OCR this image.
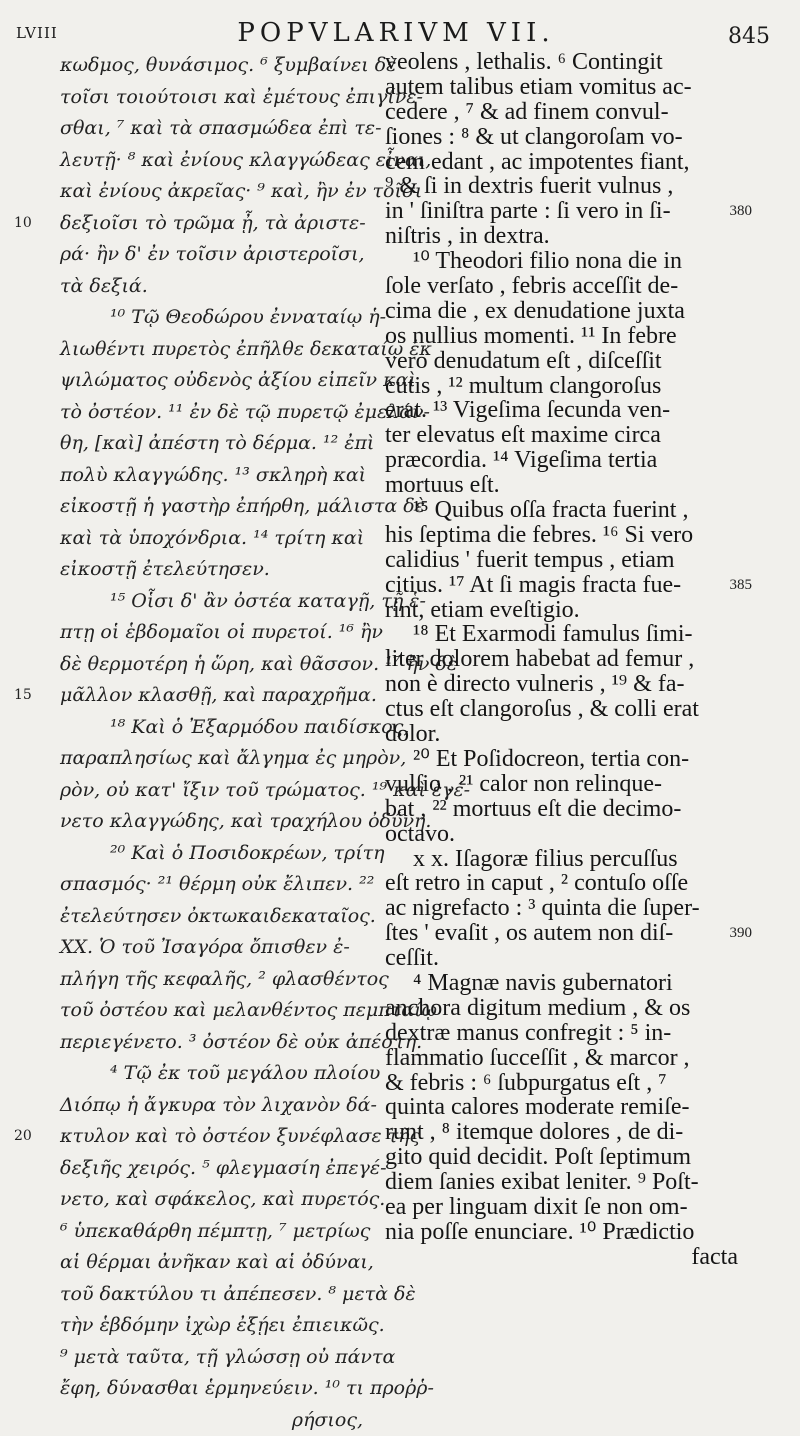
LVIII	POPVLARIVM VII.	845
κωδμος, θυνάσιμος. ⁶ ξυμβαίνει δὲ
τοῖσι τοιούτοισι καὶ ἐμέτους ἐπιγίνε-
σθαι, ⁷ καὶ τὰ σπασμώδεα ἐπὶ τε-
λευτῇ· ⁸ καὶ ἐνίους κλαγγώδεας εἶναι,
καὶ ἐνίους ἀκρεῖας· ⁹ καὶ, ἢν ἐν τοῖσι
10 δεξιοῖσι τὸ τρῶμα ᾖ, τὰ ἀριστε-
ρά· ἢν δ' ἐν τοῖσιν ἀριστεροῖσι,
τὰ δεξιά.
¹⁰ Τῷ Θεοδώρου ἐνναταίῳ ἡ-
λιωθέντι πυρετὸς ἐπῆλθε δεκαταίῳ ἐκ
ψιλώματος οὐδενὸς ἀξίου εἰπεῖν καὶ
τὸ ὀστέον. ¹¹ ἐν δὲ τῷ πυρετῷ ἐμελάν-
θη, [καὶ] ἀπέστη τὸ δέρμα. ¹² ἐπὶ
πολὺ κλαγγώδης. ¹³ σκληρὴ καὶ
εἰκοστῇ ἡ γαστὴρ ἐπήρθη, μάλιστα δὲ
καὶ τὰ ὑποχόνδρια. ¹⁴ τρίτη καὶ
εἰκοστῇ ἐτελεύτησεν.
¹⁵ Οἷσι δ' ἂν ὀστέα καταγῇ, τῇ ἑ-
πτῃ οἱ ἑβδομαῖοι οἱ πυρετοί. ¹⁶ ἢν
δὲ θερμοτέρη ἡ ὥρη, καὶ θᾶσσον. ¹⁷ ἢν δὲ
15 μᾶλλον κλασθῇ, καὶ παραχρῆμα.
¹⁸ Καὶ ὁ Ἐξαρμόδου παιδίσκος,
παραπλησίως καὶ ἄλγημα ἐς μηρὸν,
ρὸν, οὐ κατ' ἴξιν τοῦ τρώματος. ¹⁹ καὶ ἐγέ-
νετο κλαγγώδης, καὶ τραχήλου ὀδύνη.
²⁰ Καὶ ὁ Ποσιδοκρέων, τρίτη
σπασμός· ²¹ θέρμη οὐκ ἔλιπεν. ²²
ἐτελεύτησεν ὀκτωκαιδεκαταῖος.
XX. Ὁ τοῦ Ἰσαγόρα ὄπισθεν ἐ-
πλήγη τῆς κεφαλῆς, ² φλασθέντος
τοῦ ὀστέου καὶ μελανθέντος πεμπταίῳ
περιεγένετο. ³ ὀστέον δὲ οὐκ ἀπέστη.
⁴ Τῷ ἐκ τοῦ μεγάλου πλοίου
Διόπῳ ἡ ἄγκυρα τὸν λιχανὸν δά-
20 κτυλον καὶ τὸ ὀστέον ξυνέφλασε τῆς
δεξιῆς χειρός. ⁵ φλεγμασίη ἐπεγέ-
νετο, καὶ σφάκελος, καὶ πυρετός.
⁶ ὑπεκαθάρθη πέμπτῃ, ⁷ μετρίως
αἱ θέρμαι ἀνῆκαν καὶ αἱ ὀδύναι,
τοῦ δακτύλου τι ἀπέπεσεν. ⁸ μετὰ δὲ
τὴν ἑβδόμην ἰχὼρ ἐξῄει ἐπιεικῶς.
⁹ μετὰ ταῦτα, τῇ γλώσσῃ οὐ πάντα
ἔφη, δύνασθαι ἑρμηνεύειν. ¹⁰ τι προῤῥ-
ρήσιος,
veolens , lethalis. ⁶ Contingit
autem talibus etiam vomitus ac-
cedere , ⁷ & ad finem convul-
ſiones : ⁸ & ut clangoroſam vo-
cem edant , ac impotentes fiant,
⁹ & ſi in dextris fuerit vulnus ,
in ' ſiniſtra parte : ſi vero in ſi-	380
niſtris , in dextra.
¹⁰ Theodori filio nona die in
ſole verſato , febris acceſſit de-
cima die , ex denudatione juxta
os nullius momenti. ¹¹ In febre
vero denudatum eſt , diſceſſit
cutis , ¹² multum clangoroſus
erat. ¹³ Vigeſima ſecunda ven-
ter elevatus eſt maxime circa
præcordia. ¹⁴ Vigeſima tertia
mortuus eſt.
¹⁵ Quibus oſſa fracta fuerint ,
his ſeptima die febres. ¹⁶ Si vero
calidius ' fuerit tempus , etiam
citius. ¹⁷ At ſi magis fracta fue-	385
rint, etiam eveſtigio.
¹⁸ Et Exarmodi famulus ſimi-
liter dolorem habebat ad femur ,
non è directo vulneris , ¹⁹ & fa-
ctus eſt clangoroſus , & colli erat
dolor.
²⁰ Et Poſidocreon, tertia con-
vulſio , ²¹ calor non relinque-
bat , ²² mortuus eſt die decimo-
octavo.
x x. Iſagoræ filius percuſſus
eſt retro in caput , ² contuſo oſſe
ac nigrefacto : ³ quinta die ſuper-
ſtes ' evaſit , os autem non diſ-	390
ceſſit.
⁴ Magnæ navis gubernatori
anchora digitum medium , & os
dextræ manus confregit : ⁵ in-
flammatio ſucceſſit , & marcor ,
& febris : ⁶ ſubpurgatus eſt , ⁷
quinta calores moderate remiſe-
runt , ⁸ itemque dolores , de di-
gito quid decidit. Poſt ſeptimum
diem ſanies exibat leniter. ⁹ Poſt-
ea per linguam dixit ſe non om-
nia poſſe enunciare. ¹⁰ Prædictio
facta
